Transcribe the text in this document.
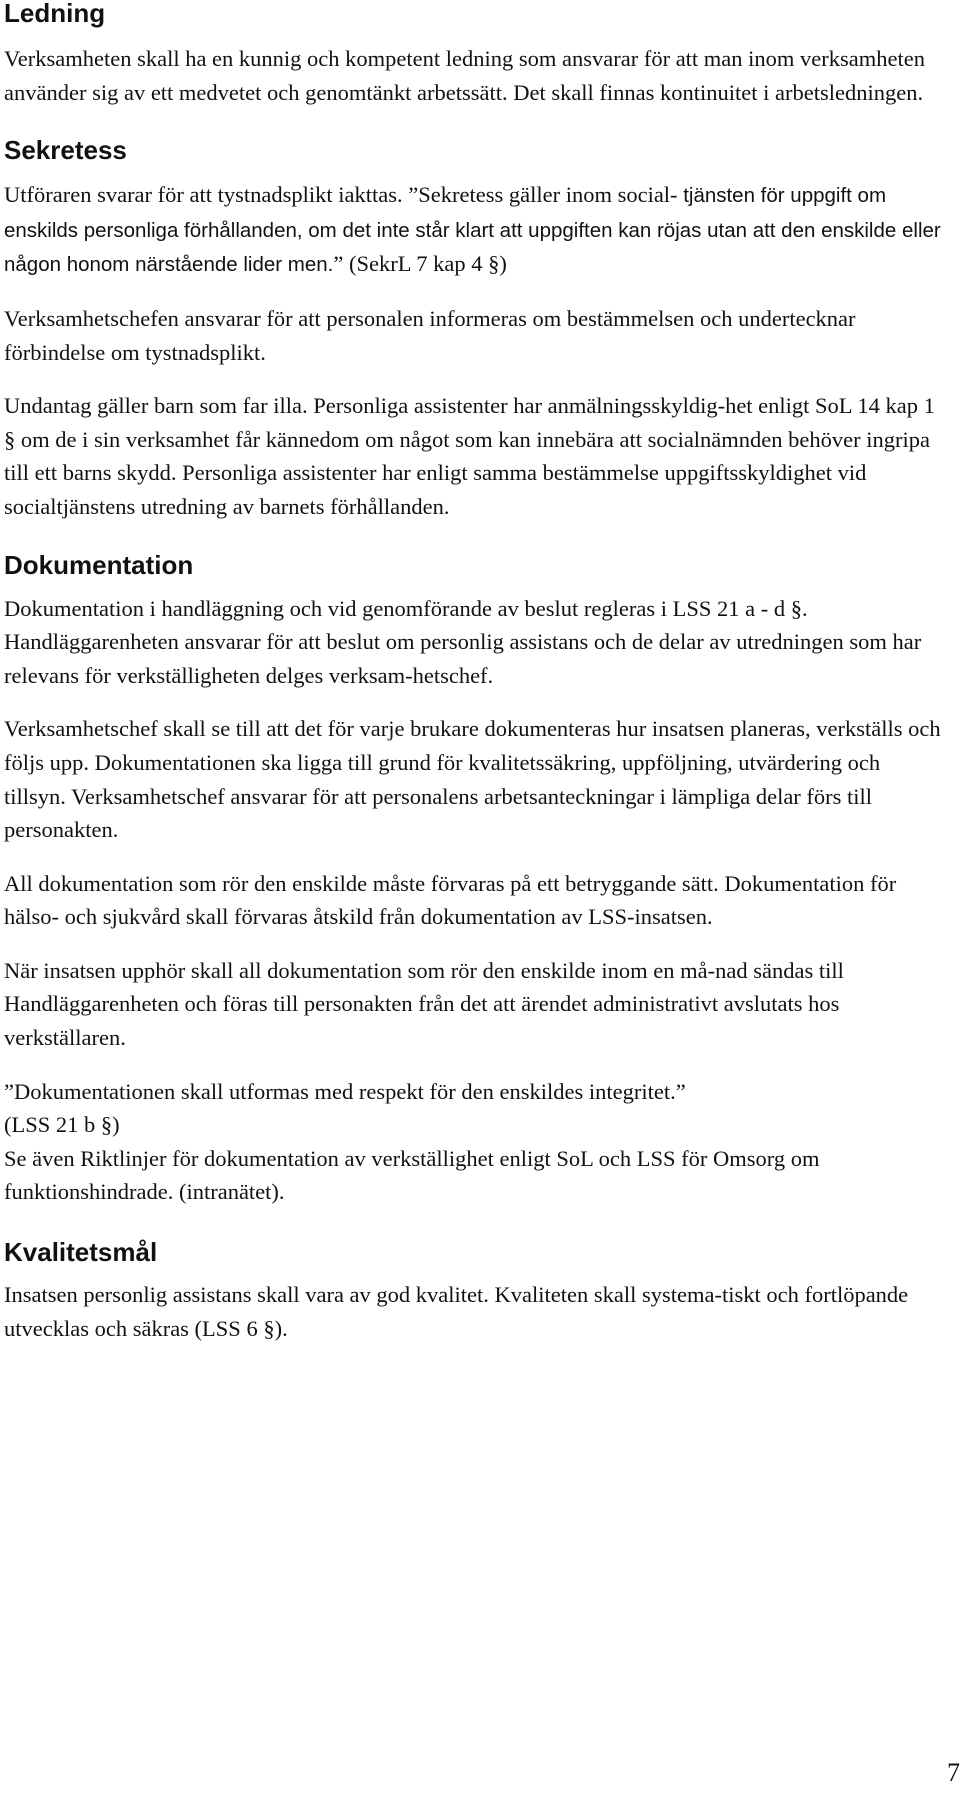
Ledning

Verksamheten skall ha en kunnig och kompetent ledning som ansvarar för att man inom verksamheten använder sig av ett medvetet och genomtänkt arbetssätt. Det skall finnas kontinuitet i arbetsledningen.

Sekretess

Utföraren svarar för att tystnadsplikt iakttas. ”Sekretess gäller inom social- tjänsten för uppgift om enskilds personliga förhållanden, om det inte står klart att uppgiften kan röjas utan att den enskilde eller någon honom närstående lider men.” (SekrL 7 kap 4 §)

Verksamhetschefen ansvarar för att personalen informeras om bestämmelsen och undertecknar förbindelse om tystnadsplikt.

Undantag gäller barn som far illa. Personliga assistenter har anmälningsskyldig-het enligt SoL 14 kap 1 § om de i sin verksamhet får kännedom om något som kan innebära att socialnämnden behöver ingripa till ett barns skydd. Personliga assistenter har enligt samma bestämmelse uppgiftsskyldighet vid socialtjänstens utredning av barnets förhållanden.

Dokumentation

Dokumentation i handläggning och vid genomförande av beslut regleras i LSS 21 a - d §. Handläggarenheten ansvarar för att beslut om personlig assistans och de delar av utredningen som har relevans för verkställigheten delges verksam-hetschef.

Verksamhetschef skall se till att det för varje brukare dokumenteras hur insatsen planeras, verkställs och följs upp. Dokumentationen ska ligga till grund för kvalitetssäkring, uppföljning, utvärdering och tillsyn. Verksamhetschef ansvarar för att personalens arbetsanteckningar i lämpliga delar förs till personakten.

All dokumentation som rör den enskilde måste förvaras på ett betryggande sätt. Dokumentation för hälso- och sjukvård skall förvaras åtskild från dokumentation av LSS-insatsen.

När insatsen upphör skall all dokumentation som rör den enskilde inom en må-nad sändas till Handläggarenheten och föras till personakten från det att ärendet administrativt avslutats hos verkställaren.

”Dokumentationen skall utformas med respekt för den enskildes integritet.”

(LSS 21 b §)

Se även Riktlinjer för dokumentation av verkställighet enligt SoL och LSS för Omsorg om funktionshindrade. (intranätet).

Kvalitetsmål

Insatsen personlig assistans skall vara av god kvalitet. Kvaliteten skall systema-tiskt och fortlöpande utvecklas och säkras (LSS 6 §).

7
